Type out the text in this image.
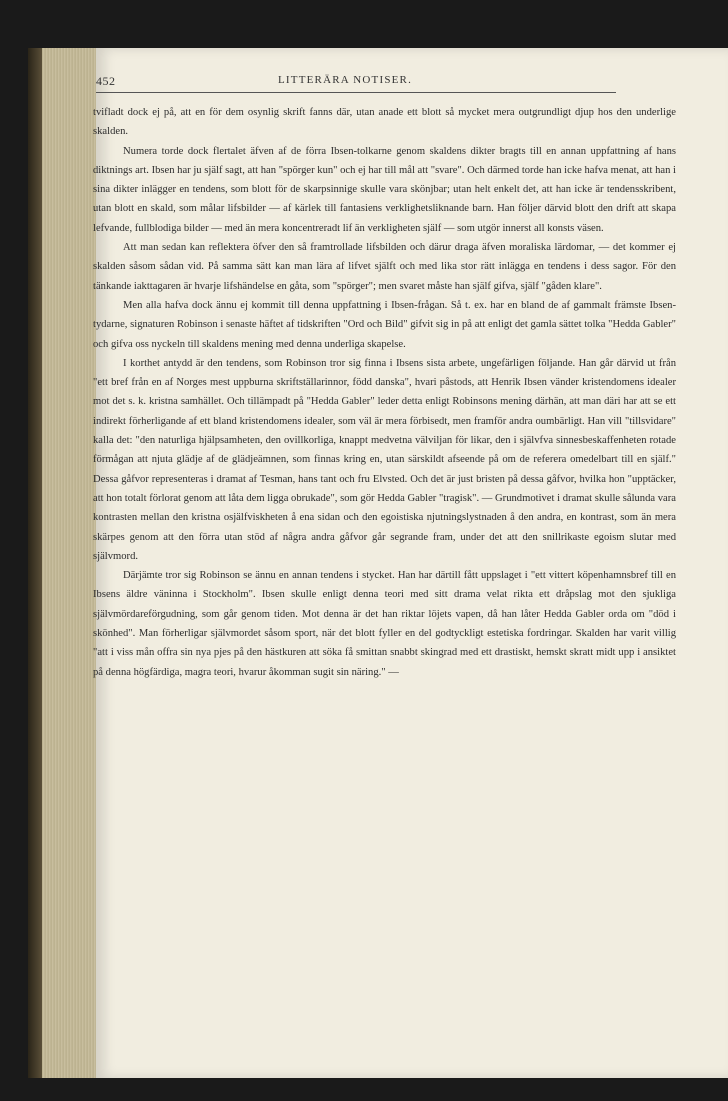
452	LITTERÄRA NOTISER.

tvifladt dock ej på, att en för dem osynlig skrift fanns där, utan anade ett blott så mycket mera outgrundligt djup hos den underlige skalden.

Numera torde dock flertalet äfven af de förra Ibsen-tolkarne genom skaldens dikter bragts till en annan uppfattning af hans diktnings art. Ibsen har ju själf sagt, att han "spörger kun" och ej har till mål att "svare". Och därmed torde han icke hafva menat, att han i sina dikter inlägger en tendens, som blott för de skarpsinnige skulle vara skönjbar; utan helt enkelt det, att han icke är tendensskribent, utan blott en skald, som målar lifsbilder — af kärlek till fantasiens verklighetsliknande barn. Han följer därvid blott den drift att skapa lefvande, fullblodiga bilder — med än mera koncentreradt lif än verkligheten själf — som utgör innerst all konsts väsen.

Att man sedan kan reflektera öfver den så framtrollade lifsbilden och därur draga äfven moraliska lärdomar, — det kommer ej skalden såsom sådan vid. På samma sätt kan man lära af lifvet själft och med lika stor rätt inlägga en tendens i dess sagor. För den tänkande iakttagaren är hvarje lifshändelse en gåta, som "spörger"; men svaret måste han själf gifva, själf "gåden klare".

Men alla hafva dock ännu ej kommit till denna uppfattning i Ibsen-frågan. Så t. ex. har en bland de af gammalt främste Ibsen-tydarne, signaturen Robinson i senaste häftet af tidskriften "Ord och Bild" gifvit sig in på att enligt det gamla sättet tolka "Hedda Gabler" och gifva oss nyckeln till skaldens mening med denna underliga skapelse.

I korthet antydd är den tendens, som Robinson tror sig finna i Ibsens sista arbete, ungefärligen följande. Han går därvid ut från "ett bref från en af Norges mest uppburna skriftställarinnor, född danska", hvari påstods, att Henrik Ibsen vänder kristendomens idealer mot det s. k. kristna samhället. Och tillämpadt på "Hedda Gabler" leder detta enligt Robinsons mening därhän, att man däri har att se ett indirekt förherligande af ett bland kristendomens idealer, som väl är mera förbisedt, men framför andra oumbärligt. Han vill "tillsvidare" kalla det: "den naturliga hjälpsamheten, den ovillkorliga, knappt medvetna välviljan för likar, den i självfva sinnesbeskaffenheten rotade förmågan att njuta glädje af de glädjeämnen, som finnas kring en, utan särskildt afseende på om de refererа omedelbart till en själf." Dessa gåfvor representeras i dramat af Tesman, hans tant och fru Elvsted. Och det är just bristen på dessa gåfvor, hvilka hon "upptäcker, att hon totalt förlorat genom att låta dem ligga obrukade", som gör Hedda Gabler "tragisk". — Grundmotivet i dramat skulle sålunda vara kontrasten mellan den kristna osjälfviskheten å ena sidan och den egoistiska njutningslystnaden å den andra, en kontrast, som än mera skärpes genom att den förra utan stöd af några andra gåfvor går segrande fram, under det att den snillrikaste egoism slutar med självmord.

Därjämte tror sig Robinson se ännu en annan tendens i stycket. Han har därtill fått uppslaget i "ett vittert köpenhamnsbref till en Ibsens äldre väninna i Stockholm". Ibsen skulle enligt denna teori med sitt drama velat rikta ett dråpslag mot den sjukliga självmördareförgudning, som går genom tiden. Mot denna är det han riktar löjets vapen, då han låter Hedda Gabler orda om "död i skönhed". Man förherligar självmordet såsom sport, när det blott fyller en del godtyckligt estetiska fordringar. Skalden har varit villig "att i viss mån offra sin nya pjes på den hästkuren att söka få smittan snabbt skingrad med ett drastiskt, hemskt skratt midt upp i ansiktet på denna högfärdiga, magra teori, hvarur åkomman sugit sin näring." —
